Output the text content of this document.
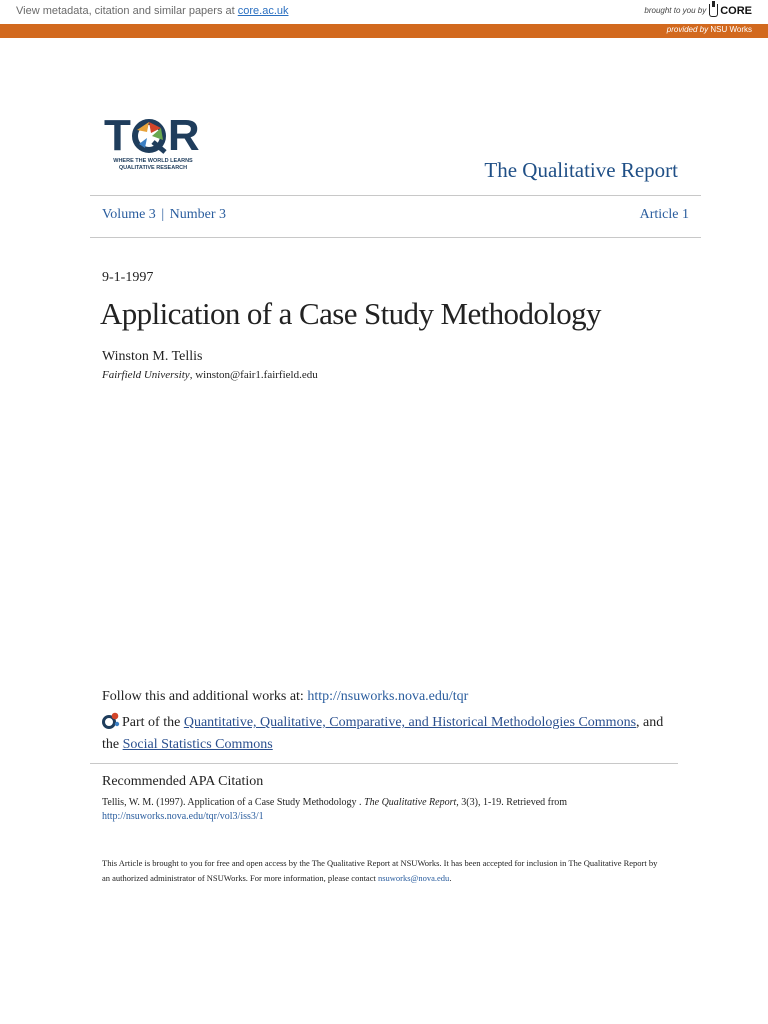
View metadata, citation and similar papers at core.ac.uk	brought to you by CORE
provided by NSU Works
T R
WHERE THE WORLD LEARNS QUALITATIVE RESEARCH	The Qualitative Report
Volume 3 | Number 3	Article 1
9-1-1997
Application of a Case Study Methodology
Winston M. Tellis
Fairfield University, winston@fair1.fairfield.edu
Follow this and additional works at: http://nsuworks.nova.edu/tqr
Part of the Quantitative, Qualitative, Comparative, and Historical Methodologies Commons, and the Social Statistics Commons
Recommended APA Citation
Tellis, W. M. (1997). Application of a Case Study Methodology . The Qualitative Report, 3(3), 1-19. Retrieved from
http://nsuworks.nova.edu/tqr/vol3/iss3/1
This Article is brought to you for free and open access by the The Qualitative Report at NSUWorks. It has been accepted for inclusion in The Qualitative Report by an authorized administrator of NSUWorks. For more information, please contact nsuworks@nova.edu.
